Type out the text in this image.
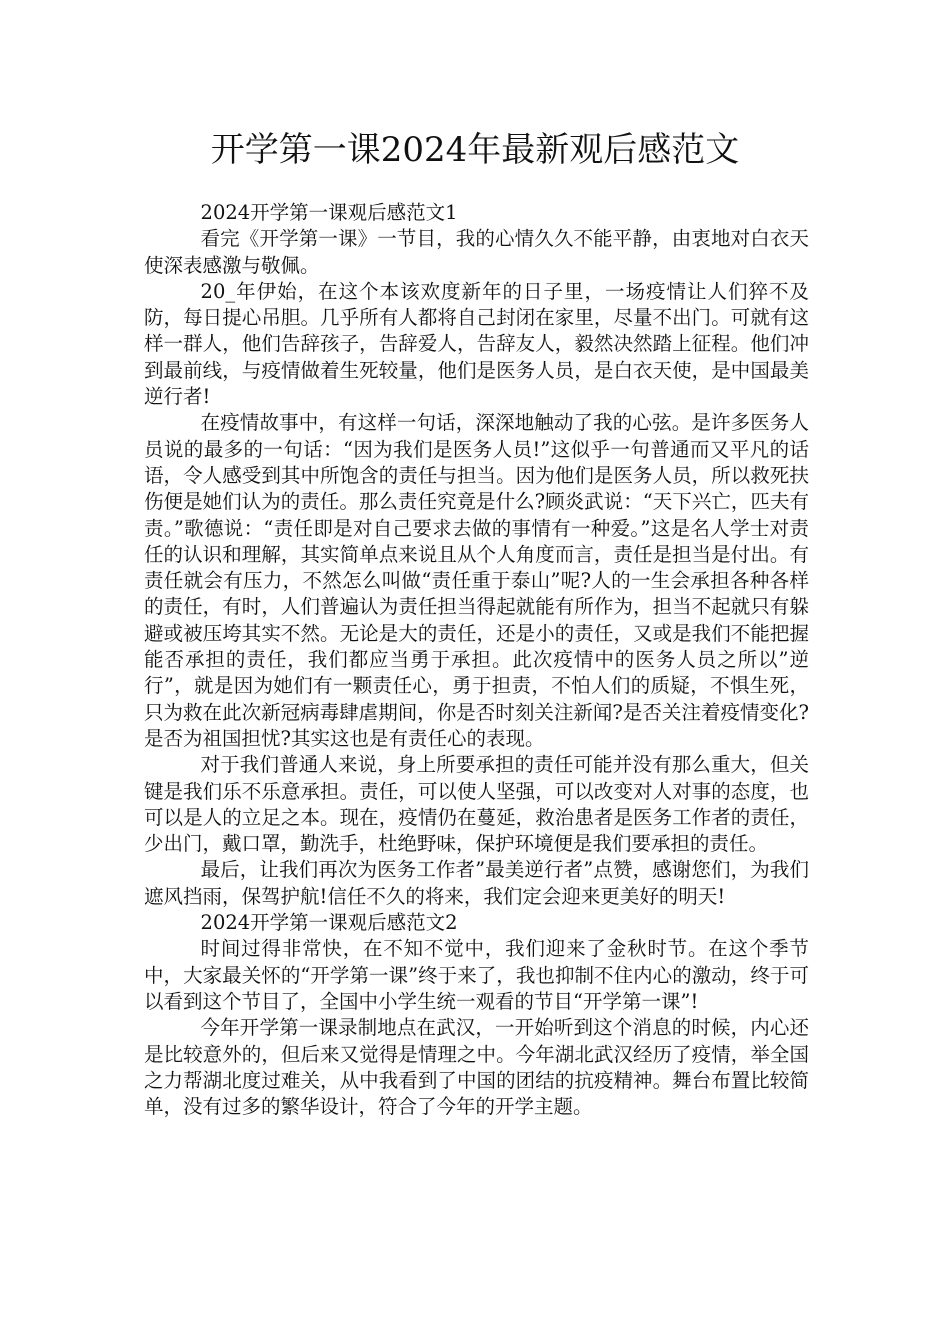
开学第一课2024年最新观后感范文

2024开学第一课观后感范文1

看完《开学第一课》一节目，我的心情久久不能平静，由衷地对白衣天使深表感激与敬佩。

20_年伊始，在这个本该欢度新年的日子里，一场疫情让人们猝不及防，每日提心吊胆。几乎所有人都将自己封闭在家里，尽量不出门。可就有这样一群人，他们告辞孩子，告辞爱人，告辞友人，毅然决然踏上征程。他们冲到最前线，与疫情做着生死较量，他们是医务人员，是白衣天使，是中国最美逆行者!

在疫情故事中，有这样一句话，深深地触动了我的心弦。是许多医务人员说的最多的一句话：“因为我们是医务人员!”这似乎一句普通而又平凡的话语，令人感受到其中所饱含的责任与担当。因为他们是医务人员，所以救死扶伤便是她们认为的责任。那么责任究竟是什么?顾炎武说：“天下兴亡，匹夫有责。”歌德说：“责任即是对自己要求去做的事情有一种爱。”这是名人学士对责任的认识和理解，其实简单点来说且从个人角度而言，责任是担当是付出。有责任就会有压力，不然怎么叫做“责任重于泰山”呢?人的一生会承担各种各样的责任，有时，人们普遍认为责任担当得起就能有所作为，担当不起就只有躲避或被压垮其实不然。无论是大的责任，还是小的责任，又或是我们不能把握能否承担的责任，我们都应当勇于承担。此次疫情中的医务人员之所以”逆行”，就是因为她们有一颗责任心，勇于担责，不怕人们的质疑，不惧生死，只为救在此次新冠病毒肆虐期间，你是否时刻关注新闻?是否关注着疫情变化?是否为祖国担忧?其实这也是有责任心的表现。

对于我们普通人来说，身上所要承担的责任可能并没有那么重大，但关键是我们乐不乐意承担。责任，可以使人坚强，可以改变对人对事的态度，也可以是人的立足之本。现在，疫情仍在蔓延，救治患者是医务工作者的责任，少出门，戴口罩，勤洗手，杜绝野味，保护环境便是我们要承担的责任。

最后，让我们再次为医务工作者”最美逆行者”点赞，感谢您们，为我们遮风挡雨，保驾护航!信任不久的将来，我们定会迎来更美好的明天!

2024开学第一课观后感范文2

时间过得非常快，在不知不觉中，我们迎来了金秋时节。在这个季节中，大家最关怀的“开学第一课”终于来了，我也抑制不住内心的激动，终于可以看到这个节目了，全国中小学生统一观看的节目“开学第一课”!

今年开学第一课录制地点在武汉，一开始听到这个消息的时候，内心还是比较意外的，但后来又觉得是情理之中。今年湖北武汉经历了疫情，举全国之力帮湖北度过难关，从中我看到了中国的团结的抗疫精神。舞台布置比较简单，没有过多的繁华设计，符合了今年的开学主题。
